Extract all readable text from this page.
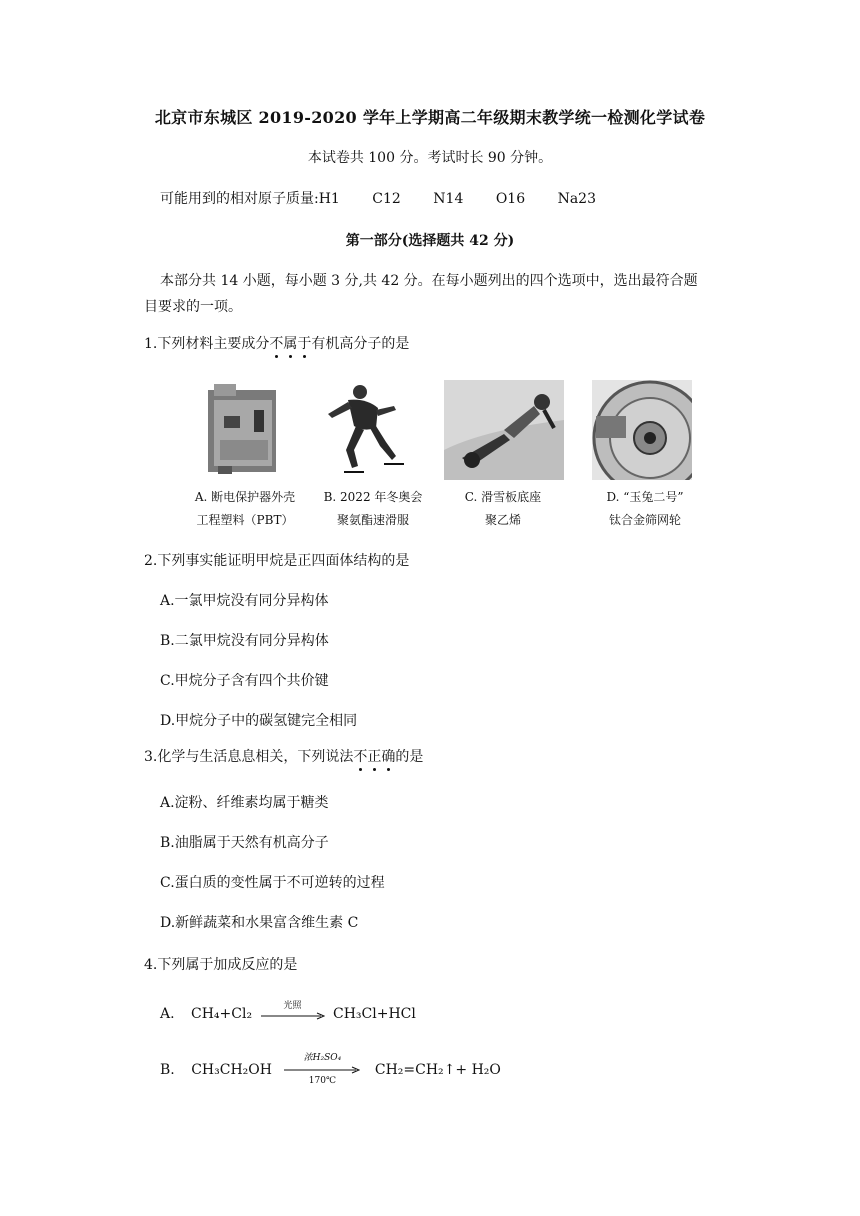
北京市东城区 2019-2020 学年上学期高二年级期末教学统一检测化学试卷
本试卷共 100 分。考试时长 90 分钟。
可能用到的相对原子质量:H1 C12 N14 O16 Na23
第一部分(选择题共 42 分)
本部分共 14 小题，每小题 3 分,共 42 分。在每小题列出的四个选项中，选出最符合题
目要求的一项。
1.下列材料主要成分不属于有机高分子的是
A. 断电保护器外壳
工程塑料（PBT）
B. 2022 年冬奥会
聚氨酯速滑服
C. 滑雪板底座
聚乙烯
D. “玉兔二号”
钛合金筛网轮
2.下列事实能证明甲烷是正四面体结构的是
A.一氯甲烷没有同分异构体
B.二氯甲烷没有同分异构体
C.甲烷分子含有四个共价键
D.甲烷分子中的碳氢键完全相同
3.化学与生活息息相关，下列说法不正确的是
A.淀粉、纤维素均属于糖类
B.油脂属于天然有机高分子
C.蛋白质的变性属于不可逆转的过程
D.新鲜蔬菜和水果富含维生素 C
4.下列属于加成反应的是
A. CH₄+Cl₂	光照	CH₃Cl+HCl
B. CH₃CH₂OH
浓H₂SO₄
170℃
CH₂=CH₂↑+ H₂O
